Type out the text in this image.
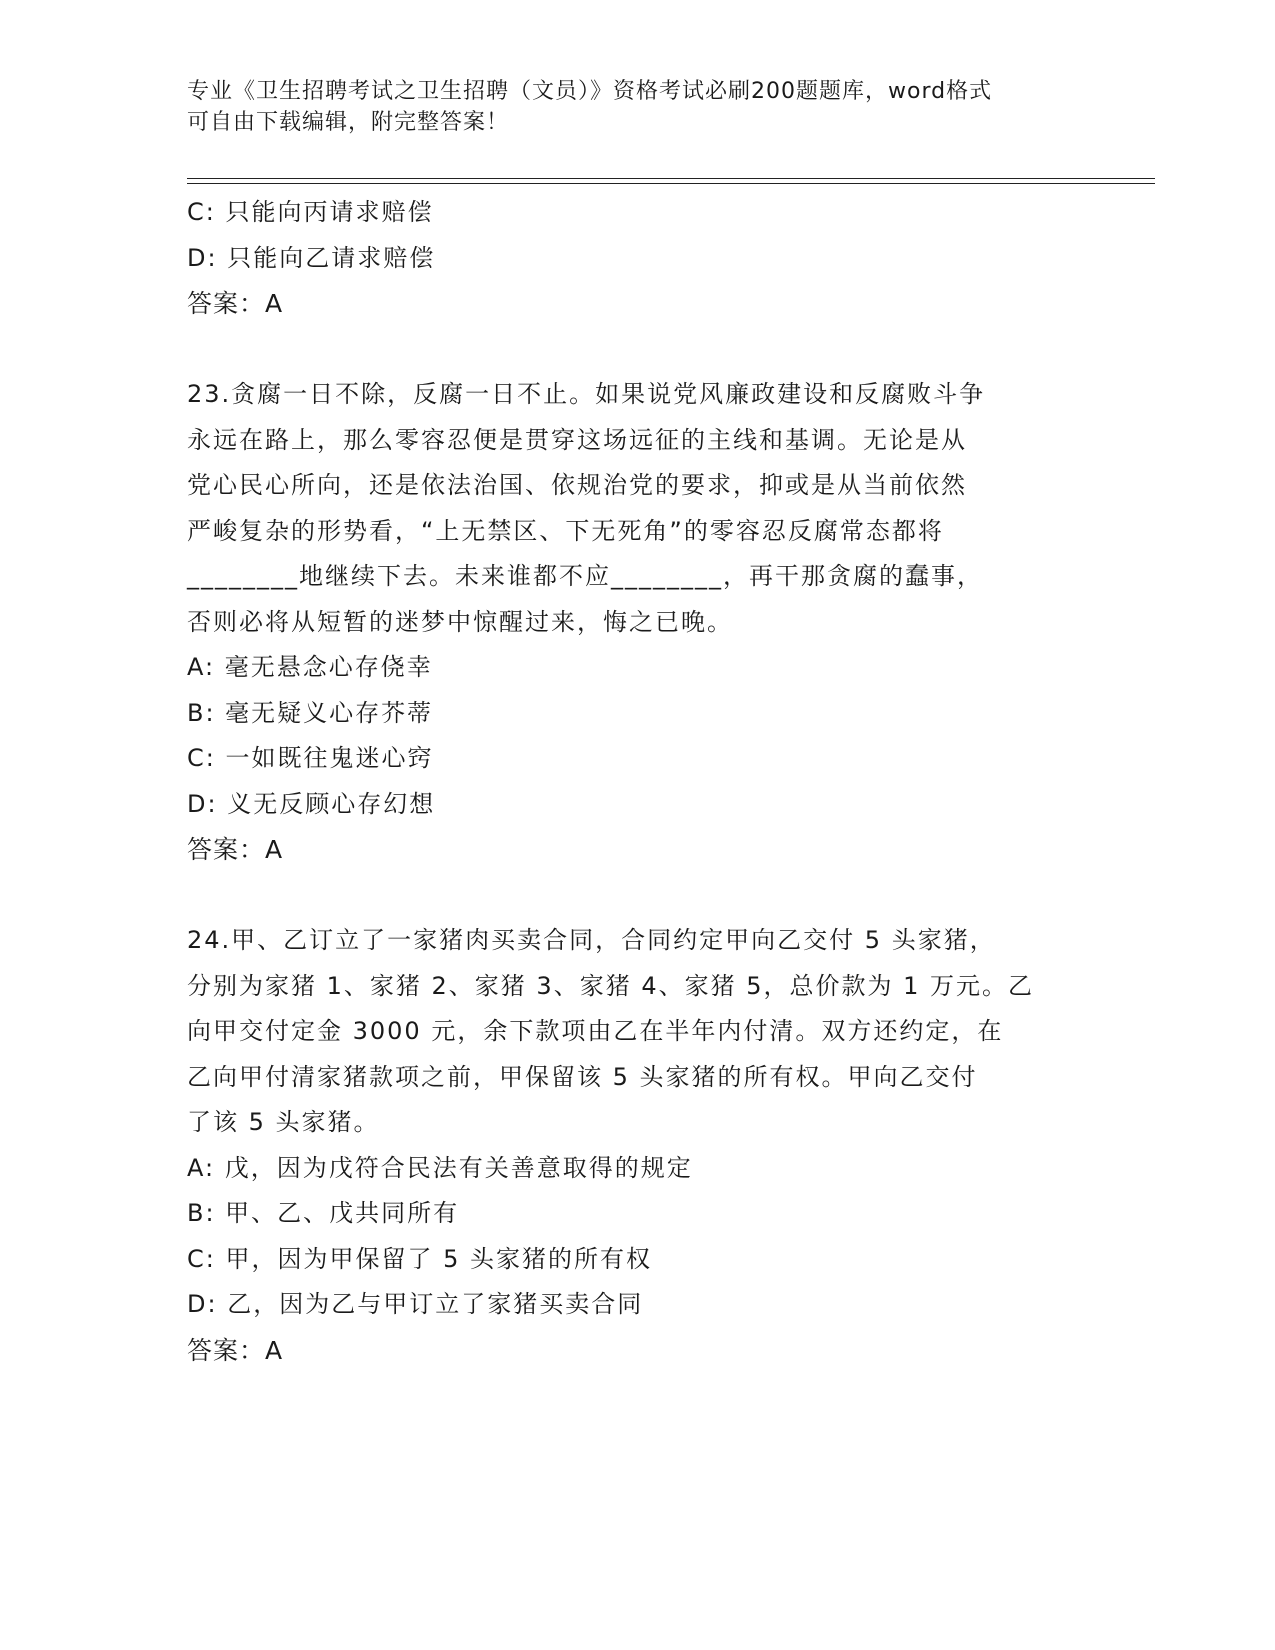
专业《卫生招聘考试之卫生招聘（文员）》资格考试必刷200题题库，word格式
可自由下载编辑，附完整答案！
C: 只能向丙请求赔偿
D: 只能向乙请求赔偿
答案：A
23.贪腐一日不除，反腐一日不止。如果说党风廉政建设和反腐败斗争
永远在路上，那么零容忍便是贯穿这场远征的主线和基调。无论是从
党心民心所向，还是依法治国、依规治党的要求，抑或是从当前依然
严峻复杂的形势看，“上无禁区、下无死角”的零容忍反腐常态都将
________地继续下去。未来谁都不应________，再干那贪腐的蠢事，
否则必将从短暂的迷梦中惊醒过来，悔之已晚。
A: 毫无悬念心存侥幸
B: 毫无疑义心存芥蒂
C: 一如既往鬼迷心窍
D: 义无反顾心存幻想
答案：A
24.甲、乙订立了一家猪肉买卖合同，合同约定甲向乙交付 5 头家猪，
分别为家猪 1、家猪 2、家猪 3、家猪 4、家猪 5，总价款为 1 万元。乙
向甲交付定金 3000 元，余下款项由乙在半年内付清。双方还约定，在
乙向甲付清家猪款项之前，甲保留该 5 头家猪的所有权。甲向乙交付
了该 5 头家猪。
A: 戊，因为戊符合民法有关善意取得的规定
B: 甲、乙、戊共同所有
C: 甲，因为甲保留了 5 头家猪的所有权
D: 乙，因为乙与甲订立了家猪买卖合同
答案：A
